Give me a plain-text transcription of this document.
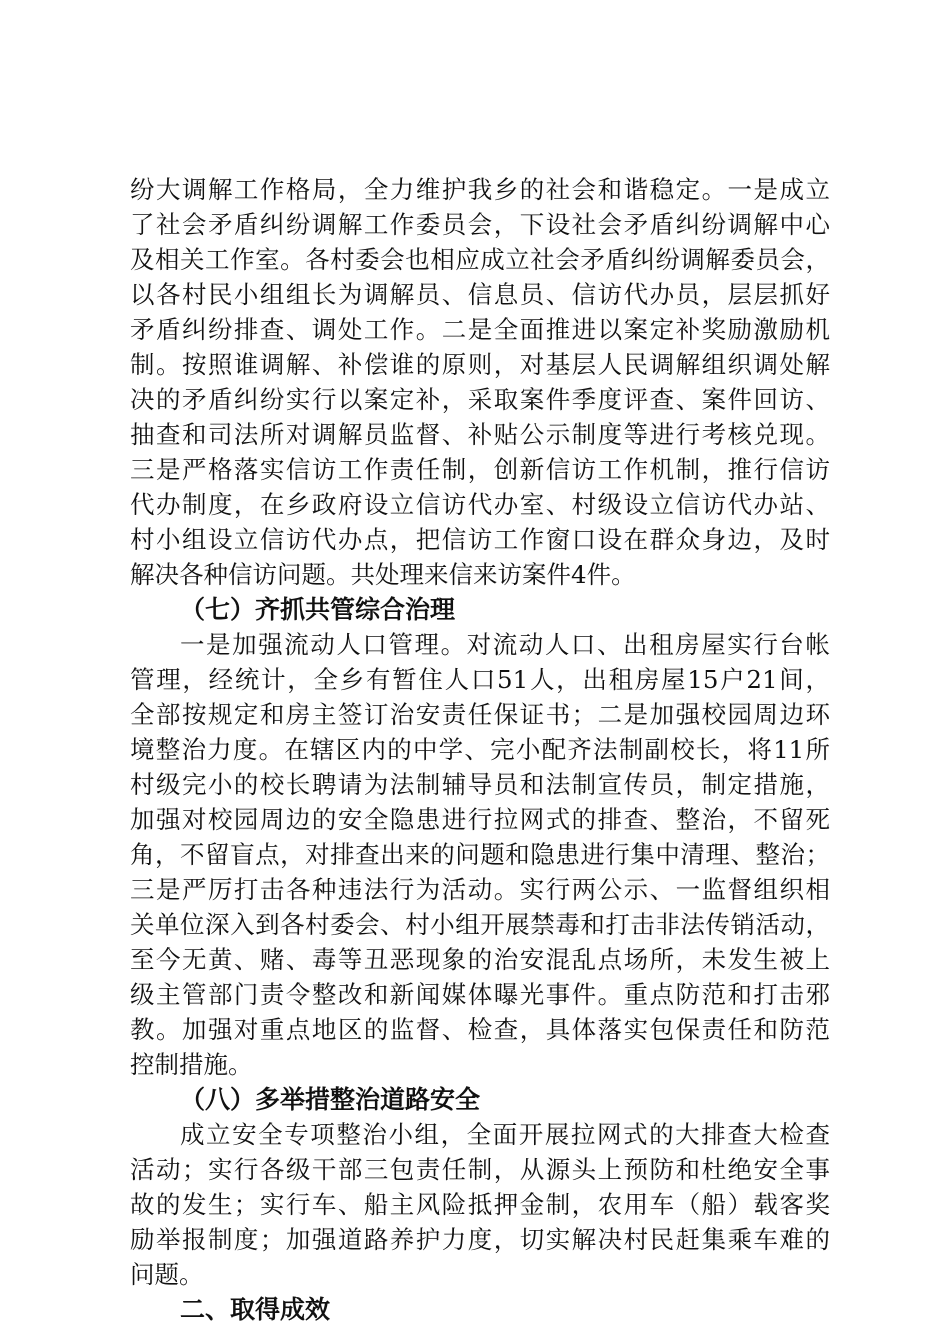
纷大调解工作格局，全力维护我乡的社会和谐稳定。一是成立
了社会矛盾纠纷调解工作委员会，下设社会矛盾纠纷调解中心
及相关工作室。各村委会也相应成立社会矛盾纠纷调解委员会，
以各村民小组组长为调解员、信息员、信访代办员，层层抓好
矛盾纠纷排查、调处工作。二是全面推进以案定补奖励激励机
制。按照谁调解、补偿谁的原则，对基层人民调解组织调处解
决的矛盾纠纷实行以案定补，采取案件季度评查、案件回访、
抽查和司法所对调解员监督、补贴公示制度等进行考核兑现。
三是严格落实信访工作责任制，创新信访工作机制，推行信访
代办制度，在乡政府设立信访代办室、村级设立信访代办站、
村小组设立信访代办点，把信访工作窗口设在群众身边，及时
解决各种信访问题。共处理来信来访案件4件。
（七）齐抓共管综合治理
一是加强流动人口管理。对流动人口、出租房屋实行台帐
管理，经统计，全乡有暂住人口51人，出租房屋15户21间，
全部按规定和房主签订治安责任保证书；二是加强校园周边环
境整治力度。在辖区内的中学、完小配齐法制副校长，将11所
村级完小的校长聘请为法制辅导员和法制宣传员，制定措施，
加强对校园周边的安全隐患进行拉网式的排查、整治，不留死
角，不留盲点，对排查出来的问题和隐患进行集中清理、整治；
三是严厉打击各种违法行为活动。实行两公示、一监督组织相
关单位深入到各村委会、村小组开展禁毒和打击非法传销活动，
至今无黄、赌、毒等丑恶现象的治安混乱点场所，未发生被上
级主管部门责令整改和新闻媒体曝光事件。重点防范和打击邪
教。加强对重点地区的监督、检查，具体落实包保责任和防范
控制措施。
（八）多举措整治道路安全
成立安全专项整治小组，全面开展拉网式的大排查大检查
活动；实行各级干部三包责任制，从源头上预防和杜绝安全事
故的发生；实行车、船主风险抵押金制，农用车（船）载客奖
励举报制度；加强道路养护力度，切实解决村民赶集乘车难的
问题。
二、取得成效
